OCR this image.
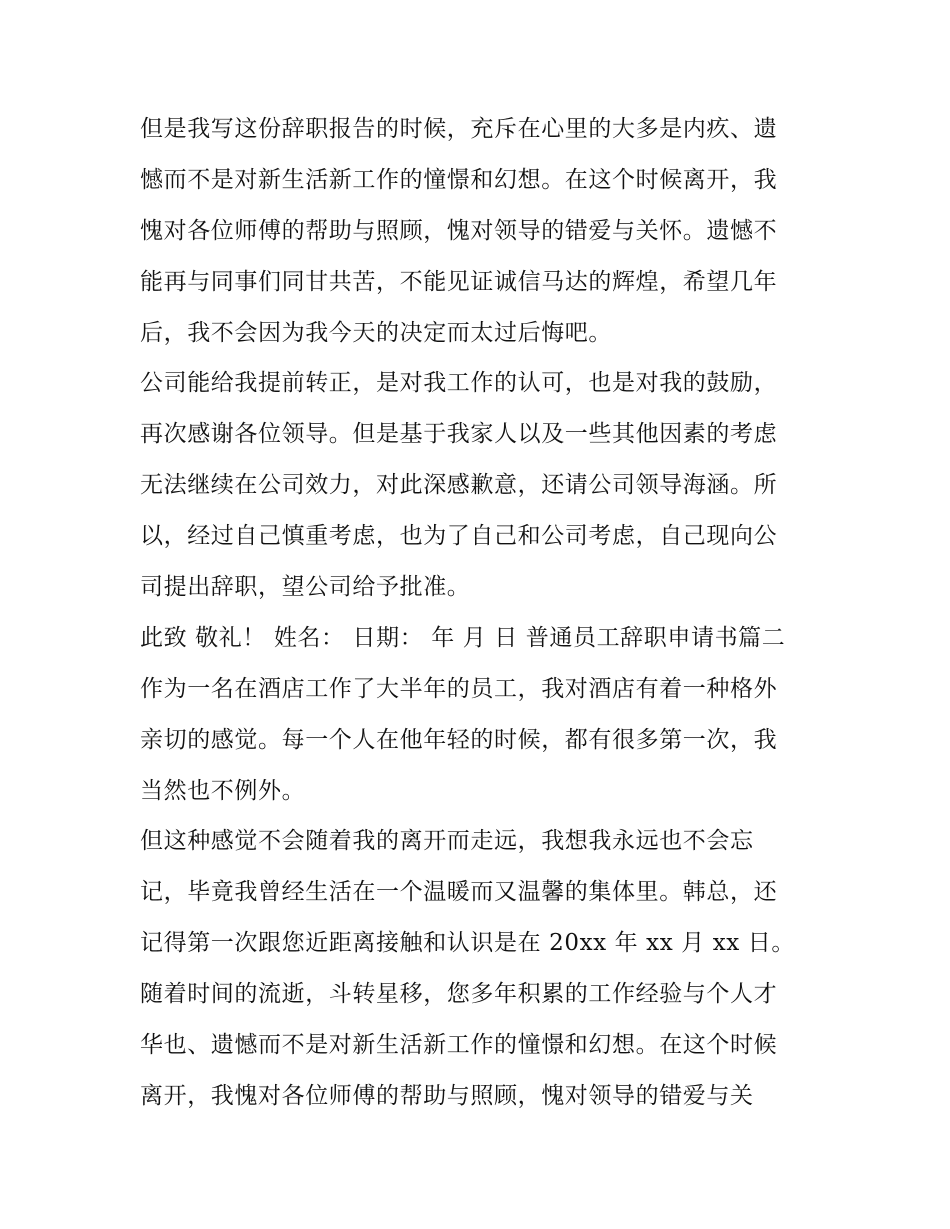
但是我写这份辞职报告的时候，充斥在心里的大多是内疚、遗
憾而不是对新生活新工作的憧憬和幻想。在这个时候离开，我
愧对各位师傅的帮助与照顾，愧对领导的错爱与关怀。遗憾不
能再与同事们同甘共苦，不能见证诚信马达的辉煌，希望几年
后，我不会因为我今天的决定而太过后悔吧。
公司能给我提前转正，是对我工作的认可，也是对我的鼓励，
再次感谢各位领导。但是基于我家人以及一些其他因素的考虑
无法继续在公司效力，对此深感歉意，还请公司领导海涵。所
以，经过自己慎重考虑，也为了自己和公司考虑，自己现向公
司提出辞职，望公司给予批准。
此致 敬礼！ 姓名： 日期： 年 月 日 普通员工辞职申请书篇二
作为一名在酒店工作了大半年的员工，我对酒店有着一种格外
亲切的感觉。每一个人在他年轻的时候，都有很多第一次，我
当然也不例外。
但这种感觉不会随着我的离开而走远，我想我永远也不会忘
记，毕竟我曾经生活在一个温暖而又温馨的集体里。韩总，还
记得第一次跟您近距离接触和认识是在 20xx 年 xx 月 xx 日。
随着时间的流逝，斗转星移，您多年积累的工作经验与个人才
华也、遗憾而不是对新生活新工作的憧憬和幻想。在这个时候
离开，我愧对各位师傅的帮助与照顾，愧对领导的错爱与关
